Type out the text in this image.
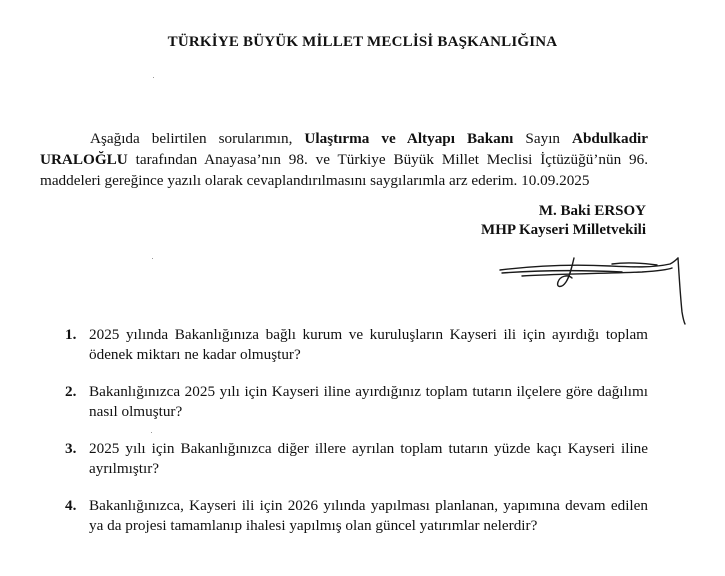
TÜRKİYE BÜYÜK MİLLET MECLİSİ BAŞKANLIĞINA
Aşağıda belirtilen sorularımın, Ulaştırma ve Altyapı Bakanı Sayın Abdulkadir URALOĞLU tarafından Anayasa’nın 98. ve Türkiye Büyük Millet Meclisi İçtüzüğü’nün 96. maddeleri gereğince yazılı olarak cevaplandırılmasını saygılarımla arz ederim. 10.09.2025
M. Baki ERSOY
MHP Kayseri Milletvekili
1. 2025 yılında Bakanlığınıza bağlı kurum ve kuruluşların Kayseri ili için ayırdığı toplam ödenek miktarı ne kadar olmuştur?
2. Bakanlığınızca 2025 yılı için Kayseri iline ayırdığınız toplam tutarın ilçelere göre dağılımı nasıl olmuştur?
3. 2025 yılı için Bakanlığınızca diğer illere ayrılan toplam tutarın yüzde kaçı Kayseri iline ayrılmıştır?
4. Bakanlığınızca, Kayseri ili için 2026 yılında yapılması planlanan, yapımına devam edilen ya da projesi tamamlanıp ihalesi yapılmış olan güncel yatırımlar nelerdir?
